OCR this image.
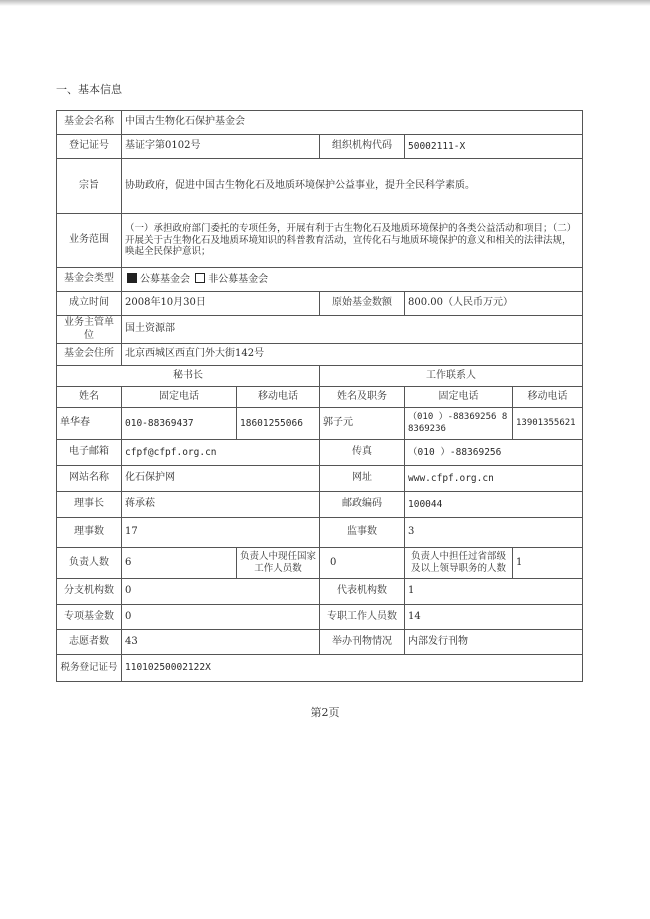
一、基本信息
基金会名称	中国古生物化石保护基金会				
登记证号	基证字第0102号		组织机构代码	50002111-X	
宗旨	协助政府，促进中国古生物化石及地质环境保护公益事业，提升全民科学素质。				
业务范围	（一）承担政府部门委托的专项任务，开展有利于古生物化石及地质环境保护的各类公益活动和项目；（二）开展关于古生物化石及地质环境知识的科普教育活动，宣传化石与地质环境保护的意义和相关的法律法规，唤起全民保护意识；				
基金会类型	公募基金会 非公募基金会				
成立时间	2008年10月30日		原始基金数额	800.00（人民币万元）	
业务主管单位	国土资源部				
基金会住所	北京西城区西直门外大街142号				
秘书长			工作联系人		
姓名	固定电话	移动电话	姓名及职务	固定电话	移动电话
单华春	010-88369437	18601255066	郭子元	（010 ）-88369256 88369236	13901355621
电子邮箱	cfpf@cfpf.org.cn		传真	（010 ）-88369256	
网站名称	化石保护网		网址	www.cfpf.org.cn	
理事长	蒋承菘		邮政编码	100044	
理事数	17		监事数	3	
负责人数	6	负责人中现任国家工作人员数	0	负责人中担任过省部级及以上领导职务的人数	1
分支机构数	0		代表机构数	1	
专项基金数	0		专职工作人员数	14	
志愿者数	43		举办刊物情况	内部发行刊物	
税务登记证号	11010250002122X				
第2页
